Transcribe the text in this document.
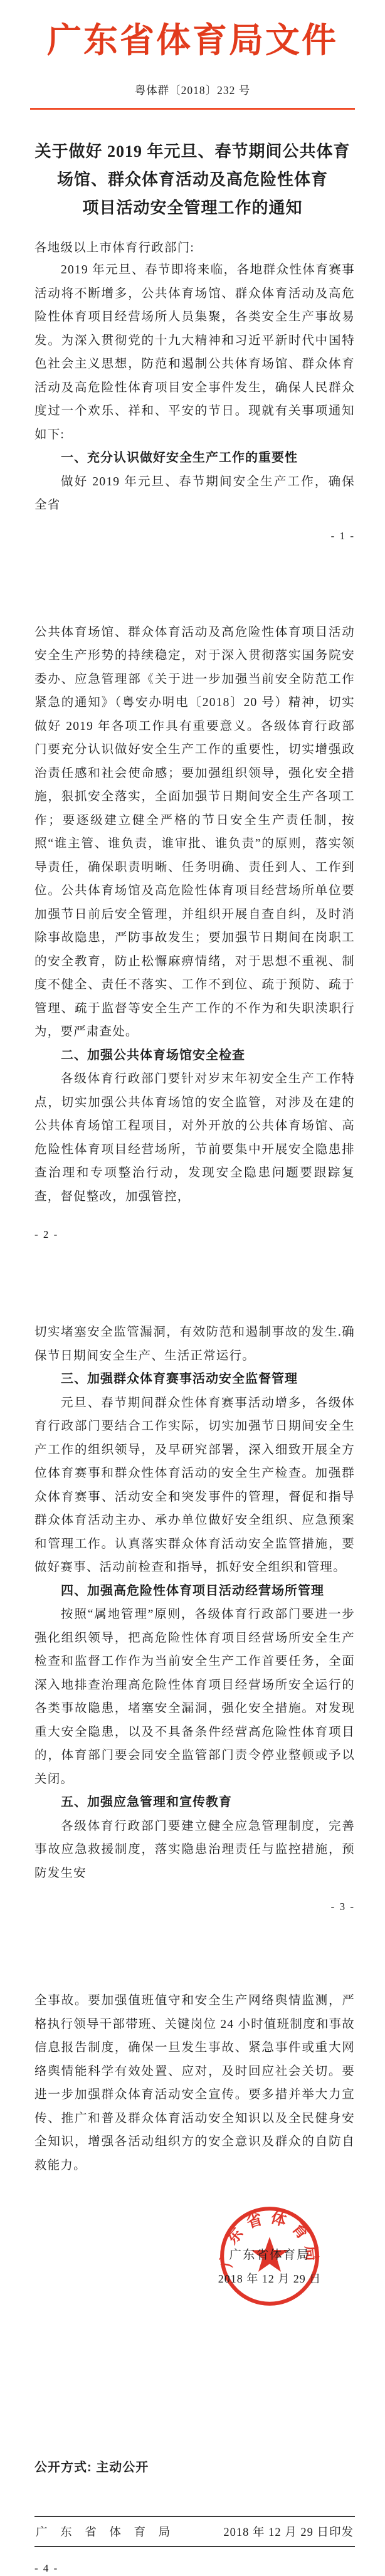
广东省体育局文件
粤体群〔2018〕232 号
关于做好 2019 年元旦、春节期间公共体育
场馆、群众体育活动及高危险性体育
项目活动安全管理工作的通知
各地级以上市体育行政部门:

2019 年元旦、春节即将来临，各地群众性体育赛事活动将不断增多，公共体育场馆、群众体育活动及高危险性体育项目经营场所人员集聚，各类安全生产事故易发。为深入贯彻党的十九大精神和习近平新时代中国特色社会主义思想，防范和遏制公共体育场馆、群众体育活动及高危险性体育项目安全事件发生，确保人民群众度过一个欢乐、祥和、平安的节日。现就有关事项通知如下:

一、充分认识做好安全生产工作的重要性

做好 2019 年元旦、春节期间安全生产工作，确保全省

- 1 -

公共体育场馆、群众体育活动及高危险性体育项目活动安全生产形势的持续稳定，对于深入贯彻落实国务院安委办、应急管理部《关于进一步加强当前安全防范工作紧急的通知》（粤安办明电〔2018〕20 号）精神，切实做好 2019 年各项工作具有重要意义。各级体育行政部门要充分认识做好安全生产工作的重要性，切实增强政治责任感和社会使命感；要加强组织领导，强化安全措施，狠抓安全落实，全面加强节日期间安全生产各项工作；要逐级建立健全严格的节日安全生产责任制，按照“谁主管、谁负责，谁审批、谁负责”的原则，落实领导责任，确保职责明晰、任务明确、责任到人、工作到位。公共体育场馆及高危险性体育项目经营场所单位要加强节日前后安全管理，并组织开展自查自纠，及时消除事故隐患，严防事故发生；要加强节日期间在岗职工的安全教育，防止松懈麻痹情绪，对于思想不重视、制度不健全、责任不落实、工作不到位、疏于预防、疏于管理、疏于监督等安全生产工作的不作为和失职渎职行为，要严肃查处。

二、加强公共体育场馆安全检查

各级体育行政部门要针对岁末年初安全生产工作特点，切实加强公共体育场馆的安全监管，对涉及在建的公共体育场馆工程项目，对外开放的公共体育场馆、高危险性体育项目经营场所，节前要集中开展安全隐患排查治理和专项整治行动，发现安全隐患问题要跟踪复查，督促整改，加强管控，

- 2 -

切实堵塞安全监管漏洞，有效防范和遏制事故的发生.确保节日期间安全生产、生活正常运行。

三、加强群众体育赛事活动安全监督管理

元旦、春节期间群众性体育赛事活动增多，各级体育行政部门要结合工作实际，切实加强节日期间安全生产工作的组织领导，及早研究部署，深入细致开展全方位体育赛事和群众性体育活动的安全生产检查。加强群众体育赛事、活动安全和突发事件的管理，督促和指导群众体育活动主办、承办单位做好安全组织、应急预案和管理工作。认真落实群众体育活动安全监管措施，要做好赛事、活动前检查和指导，抓好安全组织和管理。

四、加强高危险性体育项目活动经营场所管理

按照“属地管理”原则，各级体育行政部门要进一步强化组织领导，把高危险性体育项目经营场所安全生产检查和监督工作作为当前安全生产工作首要任务，全面深入地排查治理高危险性体育项目经营场所安全运行的各类事故隐患，堵塞安全漏洞，强化安全措施。对发现重大安全隐患，以及不具备条件经营高危险性体育项目的，体育部门要会同安全监管部门责令停业整顿或予以关闭。

五、加强应急管理和宣传教育

各级体育行政部门要建立健全应急管理制度，完善事故应急救援制度，落实隐患治理责任与监控措施，预防发生安

- 3 -

全事故。要加强值班值守和安全生产网络舆情监测，严格执行领导干部带班、关键岗位 24 小时值班制度和事故信息报告制度，确保一旦发生事故、紧急事件或重大网络舆情能科学有效处置、应对，及时回应社会关切。要进一步加强群众体育活动安全宣传。要多措并举大力宣传、推广和普及群众体育活动安全知识以及全民健身安全知识，增强各活动组织方的安全意识及群众的自防自救能力。

广东省体育局
广东省体育局
2018 年 12 月 29 日
公开方式: 主动公开
广 东 省 体 育 局	2018 年 12 月 29 日印发
- 4 -
